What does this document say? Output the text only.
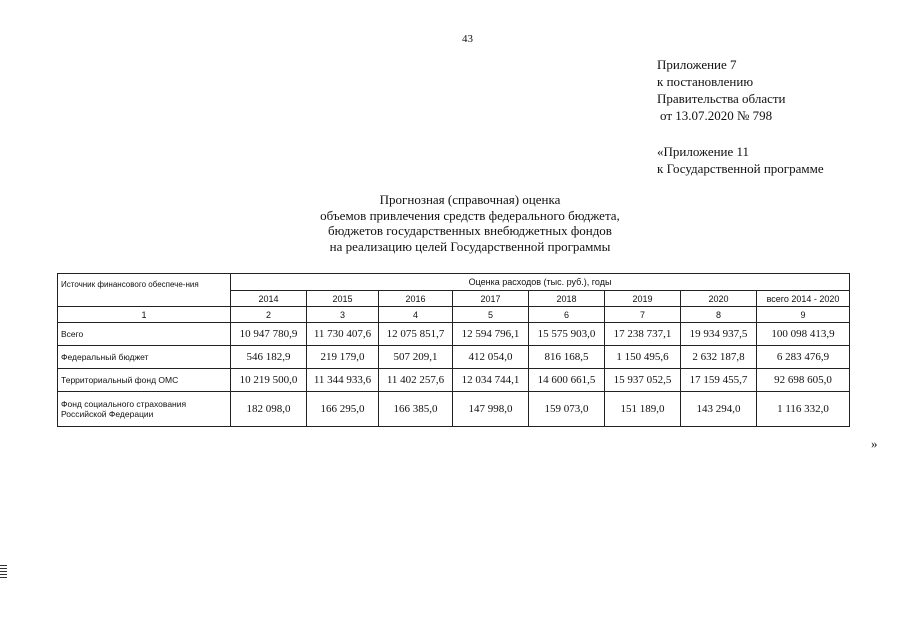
43
Приложение 7
к постановлению
Правительства области
от 13.07.2020 № 798
«Приложение 11
к Государственной программе
Прогнозная (справочная) оценка
объемов привлечения средств федерального бюджета,
бюджетов государственных внебюджетных фондов
на реализацию целей Государственной программы
Источник финансового обеспече-ния	Оценка расходов (тыс. руб.), годы							
	2014	2015	2016	2017	2018	2019	2020	всего 2014 - 2020
1	2	3	4	5	6	7	8	9
Всего	10 947 780,9	11 730 407,6	12 075 851,7	12 594 796,1	15 575 903,0	17 238 737,1	19 934 937,5	100 098 413,9
Федеральный бюджет	546 182,9	219 179,0	507 209,1	412 054,0	816 168,5	1 150 495,6	2 632 187,8	6 283 476,9
Территориальный фонд ОМС	10 219 500,0	11 344 933,6	11 402 257,6	12 034 744,1	14 600 661,5	15 937 052,5	17 159 455,7	92 698 605,0
Фонд социального страхования Российской Федерации	182 098,0	166 295,0	166 385,0	147 998,0	159 073,0	151 189,0	143 294,0	1 116 332,0
»
